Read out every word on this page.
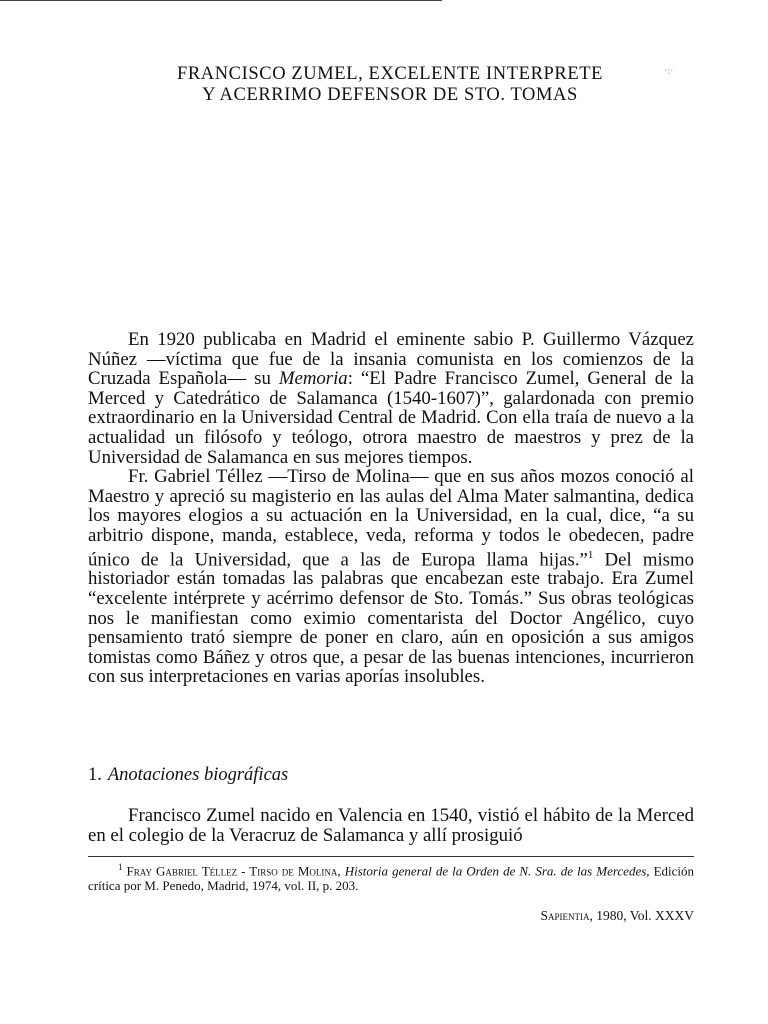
FRANCISCO ZUMEL, EXCELENTE INTERPRETE
Y ACERRIMO DEFENSOR DE STO. TOMAS
·:·

En 1920 publicaba en Madrid el eminente sabio P. Guillermo Vázquez Núñez —víctima que fue de la insania comunista en los comienzos de la Cruzada Española— su Memoria: “El Padre Francisco Zumel, General de la Merced y Catedrático de Salamanca (1540-1607)”, galardonada con premio extraordinario en la Universidad Central de Madrid. Con ella traía de nuevo a la actualidad un filósofo y teólogo, otrora maestro de maestros y prez de la Universidad de Salamanca en sus mejores tiempos.

Fr. Gabriel Téllez —Tirso de Molina— que en sus años mozos conoció al Maestro y apreció su magisterio en las aulas del Alma Mater salmantina, dedica los mayores elogios a su actuación en la Universidad, en la cual, dice, “a su arbitrio dispone, manda, establece, veda, reforma y todos le obedecen, padre único de la Universidad, que a las de Europa llama hijas.”$^1$ Del mismo historiador están tomadas las palabras que encabezan este trabajo. Era Zumel “excelente intérprete y acérrimo defensor de Sto. Tomás.” Sus obras teológicas nos le manifiestan como eximio comentarista del Doctor Angélico, cuyo pensamiento trató siempre de poner en claro, aún en oposición a sus amigos tomistas como Báñez y otros que, a pesar de las buenas intenciones, incurrieron con sus interpretaciones en varias aporías insolubles.

1. Anotaciones biográficas
Francisco Zumel nacido en Valencia en 1540, vistió el hábito de la Merced en el colegio de la Veracruz de Salamanca y allí prosiguió
$^1$ Fray Gabriel Téllez - Tirso de Molina, Historia general de la Orden de N. Sra. de las Mercedes, Edición crítica por M. Penedo, Madrid, 1974, vol. II, p. 203.
Sapientia, 1980, Vol. XXXV
